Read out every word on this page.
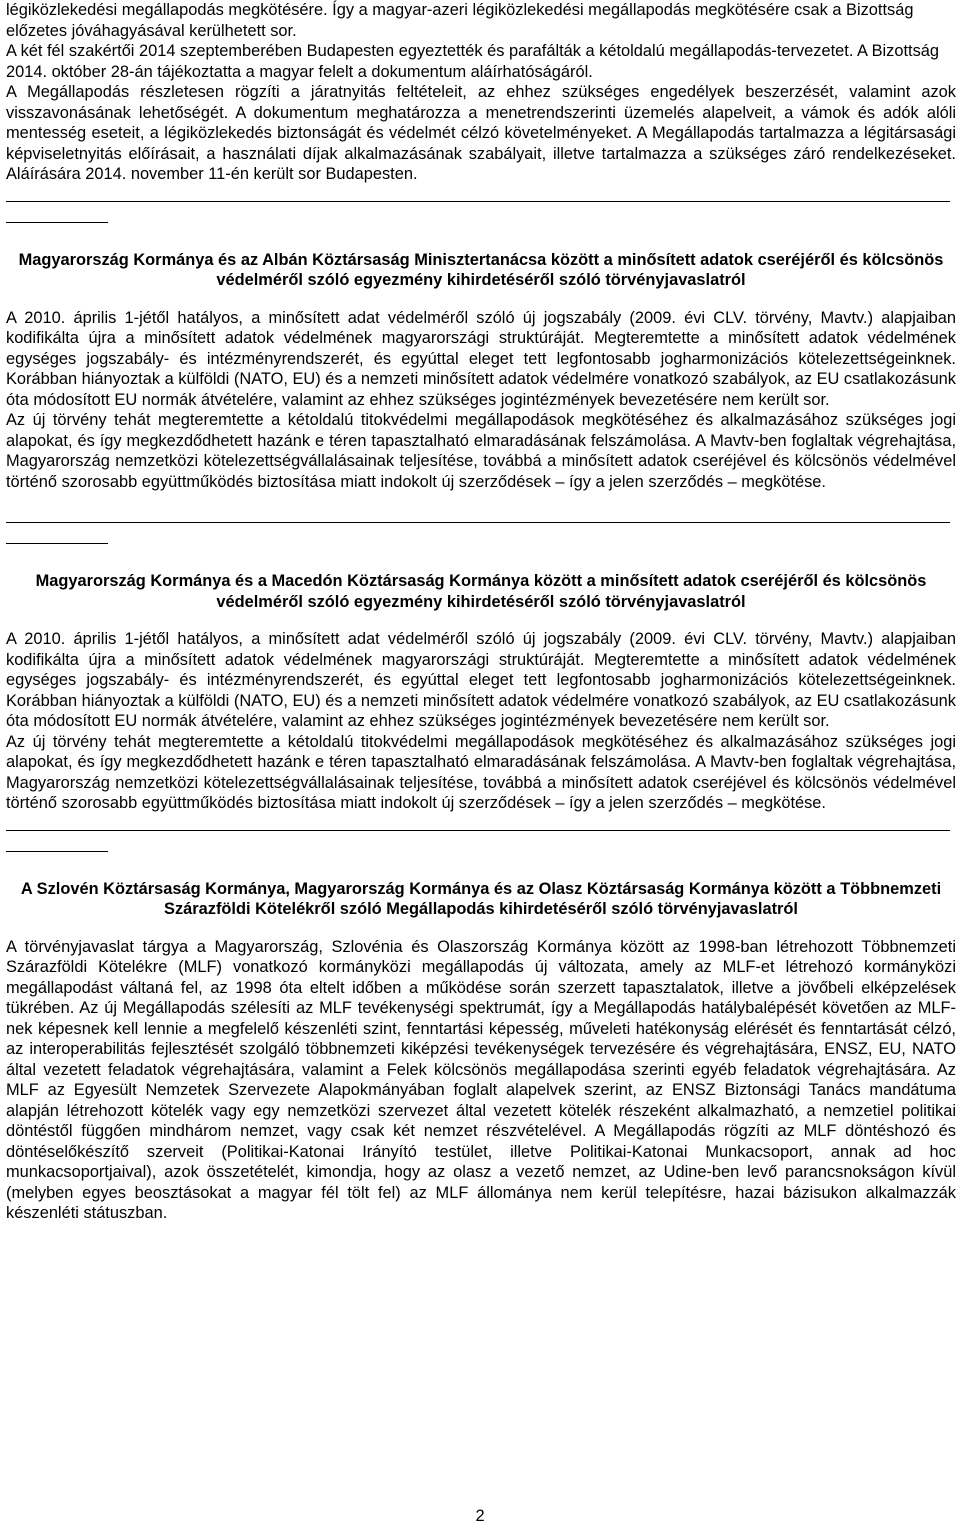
légiközlekedési megállapodás megkötésére. Így a magyar-azeri légiközlekedési megállapodás megkötésére csak a Bizottság előzetes jóváhagyásával kerülhetett sor.

A két fél szakértői 2014 szeptemberében Budapesten egyeztették és parafálták a kétoldalú megállapodás-tervezetet. A Bizottság 2014. október 28-án tájékoztatta a magyar felelt a dokumentum aláírhatóságáról.

A Megállapodás részletesen rögzíti a járatnyitás feltételeit, az ehhez szükséges engedélyek beszerzését, valamint azok visszavonásának lehetőségét. A dokumentum meghatározza a menetrendszerinti üzemelés alapelveit, a vámok és adók alóli mentesség eseteit, a légiközlekedés biztonságát és védelmét célzó követelményeket. A Megállapodás tartalmazza a légitársasági képviseletnyitás előírásait, a használati díjak alkalmazásának szabályait, illetve tartalmazza a szükséges záró rendelkezéseket. Aláírására 2014. november 11-én került sor Budapesten.

Magyarország Kormánya és az Albán Köztársaság Minisztertanácsa között a minősített adatok cseréjéről és kölcsönös védelméről szóló egyezmény kihirdetéséről szóló törvényjavaslatról

A 2010. április 1-jétől hatályos, a minősített adat védelméről szóló új jogszabály (2009. évi CLV. törvény, Mavtv.) alapjaiban kodifikálta újra a minősített adatok védelmének magyarországi struktúráját. Megteremtette a minősített adatok védelmének egységes jogszabály- és intézményrendszerét, és egyúttal eleget tett legfontosabb jogharmonizációs kötelezettségeinknek. Korábban hiányoztak a külföldi (NATO, EU) és a nemzeti minősített adatok védelmére vonatkozó szabályok, az EU csatlakozásunk óta módosított EU normák átvételére, valamint az ehhez szükséges jogintézmények bevezetésére nem került sor.

Az új törvény tehát megteremtette a kétoldalú titokvédelmi megállapodások megkötéséhez és alkalmazásához szükséges jogi alapokat, és így megkezdődhetett hazánk e téren tapasztalható elmaradásának felszámolása. A Mavtv-ben foglaltak végrehajtása, Magyarország nemzetközi kötelezettségvállalásainak teljesítése, továbbá a minősített adatok cseréjével és kölcsönös védelmével történő szorosabb együttműködés biztosítása miatt indokolt új szerződések – így a jelen szerződés – megkötése.

Magyarország Kormánya és a Macedón Köztársaság Kormánya között a minősített adatok cseréjéről és kölcsönös védelméről szóló egyezmény kihirdetéséről szóló törvényjavaslatról

A 2010. április 1-jétől hatályos, a minősített adat védelméről szóló új jogszabály (2009. évi CLV. törvény, Mavtv.) alapjaiban kodifikálta újra a minősített adatok védelmének magyarországi struktúráját. Megteremtette a minősített adatok védelmének egységes jogszabály- és intézményrendszerét, és egyúttal eleget tett legfontosabb jogharmonizációs kötelezettségeinknek. Korábban hiányoztak a külföldi (NATO, EU) és a nemzeti minősített adatok védelmére vonatkozó szabályok, az EU csatlakozásunk óta módosított EU normák átvételére, valamint az ehhez szükséges jogintézmények bevezetésére nem került sor.

Az új törvény tehát megteremtette a kétoldalú titokvédelmi megállapodások megkötéséhez és alkalmazásához szükséges jogi alapokat, és így megkezdődhetett hazánk e téren tapasztalható elmaradásának felszámolása. A Mavtv-ben foglaltak végrehajtása, Magyarország nemzetközi kötelezettségvállalásainak teljesítése, továbbá a minősített adatok cseréjével és kölcsönös védelmével történő szorosabb együttműködés biztosítása miatt indokolt új szerződések – így a jelen szerződés – megkötése.

A Szlovén Köztársaság Kormánya, Magyarország Kormánya és az Olasz Köztársaság Kormánya között a Többnemzeti Szárazföldi Kötelékről szóló Megállapodás kihirdetéséről szóló törvényjavaslatról

A törvényjavaslat tárgya a Magyarország, Szlovénia és Olaszország Kormánya között az 1998-ban létrehozott Többnemzeti Szárazföldi Kötelékre (MLF) vonatkozó kormányközi megállapodás új változata, amely az MLF-et létrehozó kormányközi megállapodást váltaná fel, az 1998 óta eltelt időben a működése során szerzett tapasztalatok, illetve a jövőbeli elképzelések tükrében. Az új Megállapodás szélesíti az MLF tevékenységi spektrumát, így a Megállapodás hatálybalépését követően az MLF-nek képesnek kell lennie a megfelelő készenléti szint, fenntartási képesség, műveleti hatékonyság elérését és fenntartását célzó, az interoperabilitás fejlesztését szolgáló többnemzeti kiképzési tevékenységek tervezésére és végrehajtására, ENSZ, EU, NATO által vezetett feladatok végrehajtására, valamint a Felek kölcsönös megállapodása szerinti egyéb feladatok végrehajtására. Az MLF az Egyesült Nemzetek Szervezete Alapokmányában foglalt alapelvek szerint, az ENSZ Biztonsági Tanács mandátuma alapján létrehozott kötelék vagy egy nemzetközi szervezet által vezetett kötelék részeként alkalmazható, a nemzetiel politikai döntéstől függően mindhárom nemzet, vagy csak két nemzet részvételével. A Megállapodás rögzíti az MLF döntéshozó és döntéselőkészítő szerveit (Politikai-Katonai Irányító testület, illetve Politikai-Katonai Munkacsoport, annak ad hoc munkacsoportjaival), azok összetételét, kimondja, hogy az olasz a vezető nemzet, az Udine-ben levő parancsnokságon kívül (melyben egyes beosztásokat a magyar fél tölt fel) az MLF állománya nem kerül telepítésre, hazai bázisukon alkalmazzák készenléti státuszban.

2
